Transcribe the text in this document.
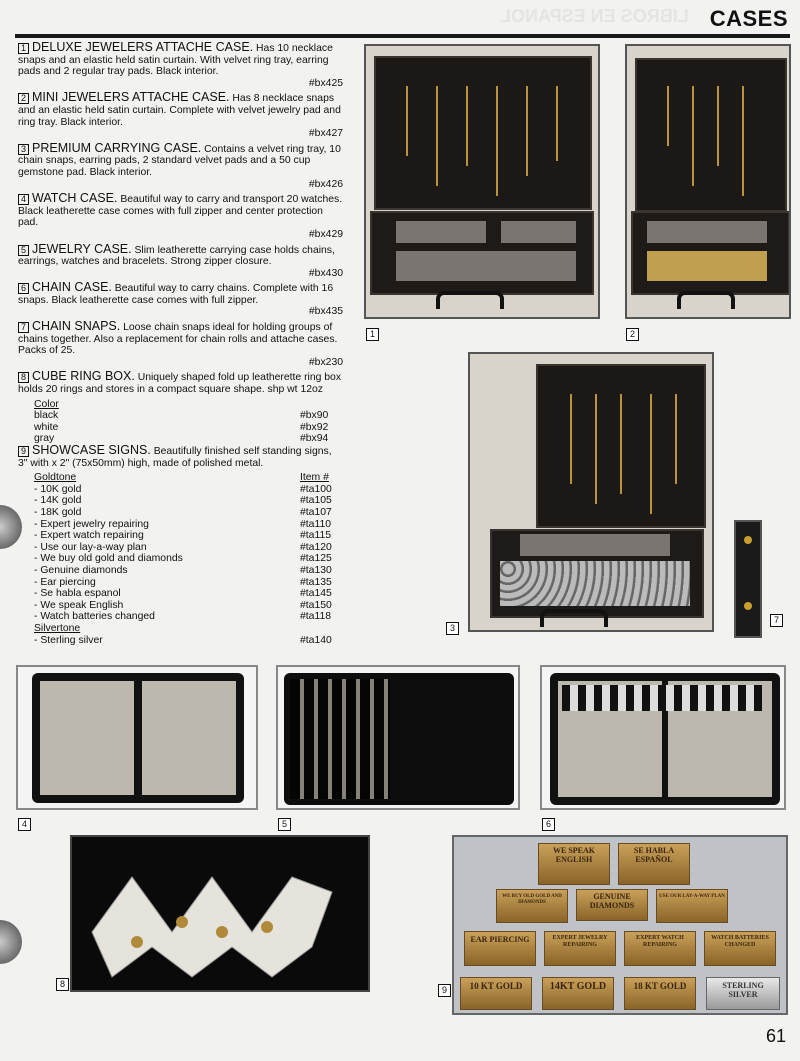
LIBROS EN ESPANOL CASES
1 DELUXE JEWELERS ATTACHE CASE. Has 10 necklace snaps and an elastic held satin curtain. With velvet ring tray, earring pads and 2 regular tray pads. Black interior.
#bx425
2 MINI JEWELERS ATTACHE CASE. Has 8 necklace snaps and an elastic held satin curtain. Complete with velvet jewelry pad and ring tray. Black interior.
#bx427
3 PREMIUM CARRYING CASE. Contains a velvet ring tray, 10 chain snaps, earring pads, 2 standard velvet pads and a 50 cup gemstone pad. Black interior.
#bx426
4 WATCH CASE. Beautiful way to carry and transport 20 watches. Black leatherette case comes with full zipper and center protection pad.
#bx429
5 JEWELRY CASE. Slim leatherette carrying case holds chains, earrings, watches and bracelets. Strong zipper closure.
#bx430
6 CHAIN CASE. Beautiful way to carry chains. Complete with 16 snaps. Black leatherette case comes with full zipper.
#bx435
7 CHAIN SNAPS. Loose chain snaps ideal for holding groups of chains together. Also a replacement for chain rolls and attache cases. Packs of 25.
#bx230
8 CUBE RING BOX. Uniquely shaped fold up leatherette ring box holds 20 rings and stores in a compact square shape. shp wt 12oz
Color
black	#bx90
white	#bx92
gray	#bx94
9 SHOWCASE SIGNS. Beautifully finished self standing signs, 3" with x 2" (75x50mm) high, made of polished metal.
Goldtone	Item #
- 10K gold	#ta100
- 14K gold	#ta105
- 18K gold	#ta107
- Expert jewelry repairing	#ta110
- Expert watch repairing	#ta115
- Use our lay-a-way plan	#ta120
- We buy old gold and diamonds	#ta125
- Genuine diamonds	#ta130
- Ear piercing	#ta135
- Se habla espanol	#ta145
- We speak English	#ta150
- Watch batteries changed	#ta118
Silvertone
- Sterling silver	#ta140
1	2
3
7
4	5	6
8
WE SPEAK ENGLISH
SE HABLA ESPAÑOL
WE BUY OLD GOLD AND DIAMONDS
GENUINE DIAMONDS
USE OUR LAY-A-WAY PLAN
EAR PIERCING	EXPERT JEWELRY REPAIRING
EXPERT WATCH REPAIRING
WATCH BATTERIES CHANGED
10 KT GOLD	14KT GOLD	18 KT GOLD	STERLING SILVER
9
61
